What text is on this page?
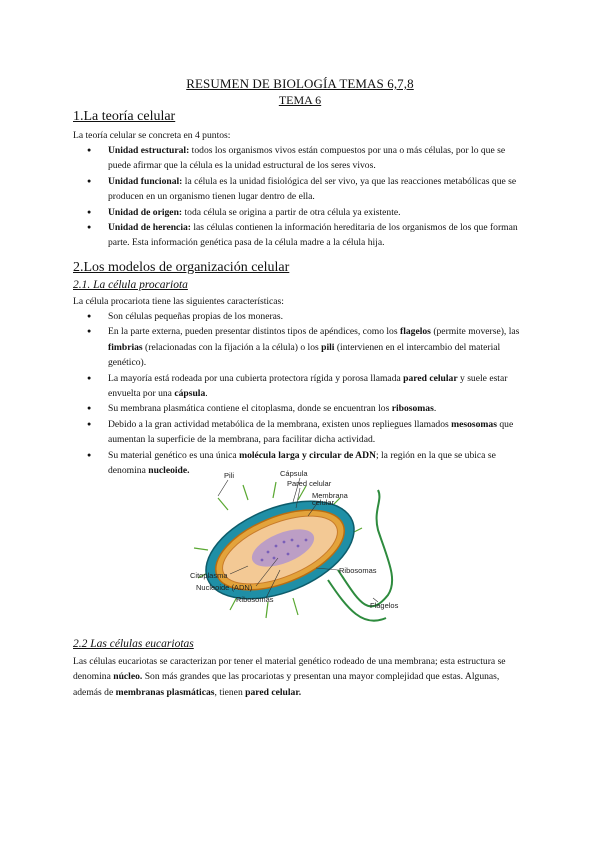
RESUMEN DE BIOLOGÍA TEMAS 6,7,8
TEMA 6
1.La teoría celular
La teoría celular se concreta en 4 puntos:
● Unidad estructural: todos los organismos vivos están compuestos por una o más células, por lo que se puede afirmar que la célula es la unidad estructural de los seres vivos.
● Unidad funcional: la célula es la unidad fisiológica del ser vivo, ya que las reacciones metabólicas que se producen en un organismo tienen lugar dentro de ella.
● Unidad de origen: toda célula se origina a partir de otra célula ya existente.
● Unidad de herencia: las células contienen la información hereditaria de los organismos de los que forman parte. Esta información genética pasa de la célula madre a la célula hija.
2.Los modelos de organización celular
2.1. La célula procariota
La célula procariota tiene las siguientes características:
● Son células pequeñas propias de los moneras.
● En la parte externa, pueden presentar distintos tipos de apéndices, como los flagelos (permite moverse), las fimbrias (relacionadas con la fijación a la célula) o los pili (intervienen en el intercambio del material genético).
● La mayoría está rodeada por una cubierta protectora rígida y porosa llamada pared celular y suele estar envuelta por una cápsula.
● Su membrana plasmática contiene el citoplasma, donde se encuentran los ribosomas.
● Debido a la gran actividad metabólica de la membrana, existen unos repliegues llamados mesosomas que aumentan la superficie de la membrana, para facilitar dicha actividad.
● Su material genético es una única molécula larga y circular de ADN; la región en la que se ubica se denomina nucleoide.	Pili	Cápsula
Pared celular
Membrana
celular
Ribosomas
Citoplasma
Nucleoide (ADN)
Ribosomas
Flagelos
2.2 Las células eucariotas
Las células eucariotas se caracterizan por tener el material genético rodeado de una membrana; esta estructura se denomina núcleo. Son más grandes que las procariotas y presentan una mayor complejidad que estas. Algunas, además de membranas plasmáticas, tienen pared celular.
